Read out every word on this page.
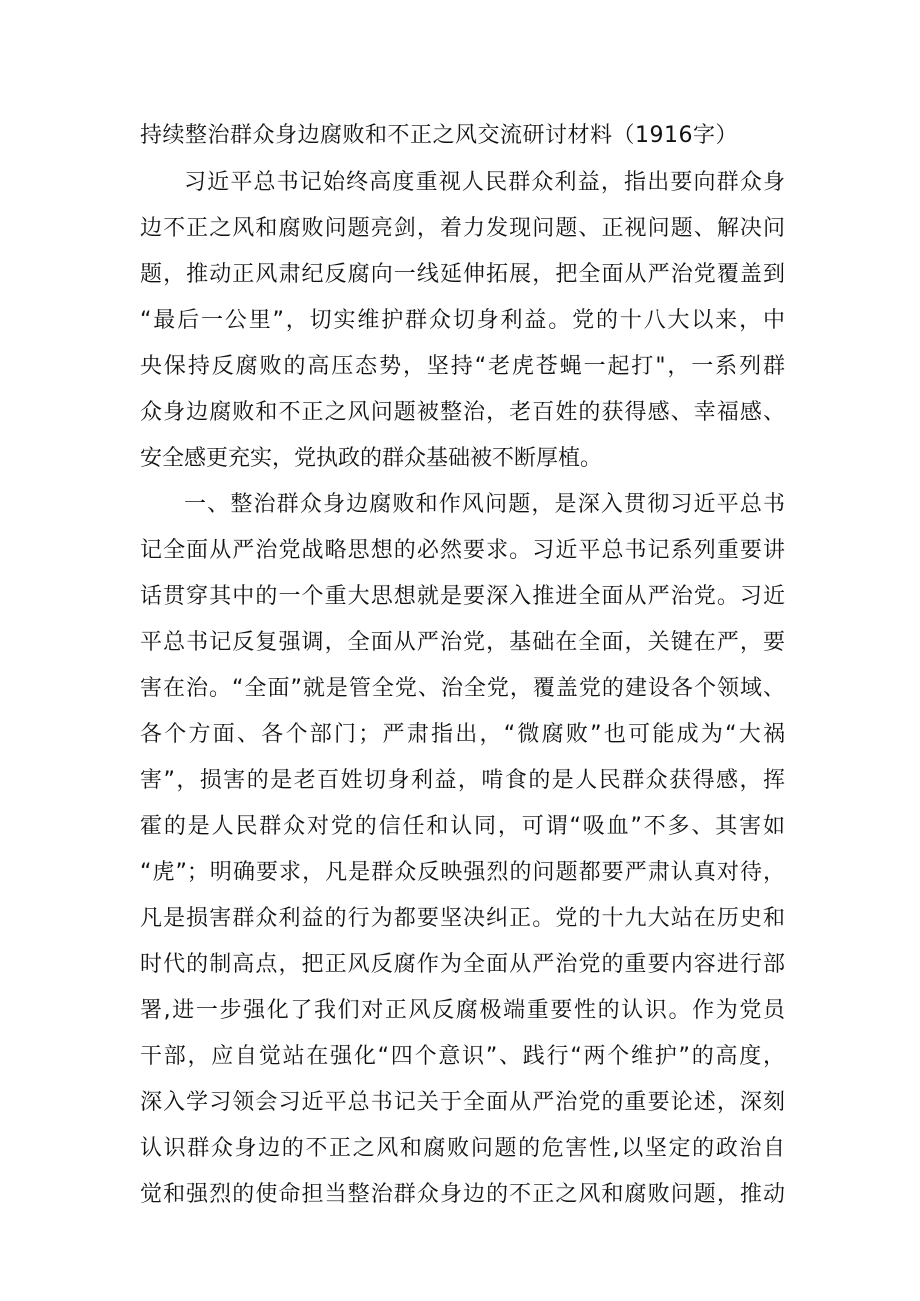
持续整治群众身边腐败和不正之风交流研讨材料（1916字）
习近平总书记始终高度重视人民群众利益，指出要向群众身
边不正之风和腐败问题亮剑，着力发现问题、正视问题、解决问
题，推动正风肃纪反腐向一线延伸拓展，把全面从严治党覆盖到
“最后一公里”，切实维护群众切身利益。党的十八大以来，中
央保持反腐败的高压态势，坚持“老虎苍蝇一起打"，一系列群
众身边腐败和不正之风问题被整治，老百姓的获得感、幸福感、
安全感更充实，党执政的群众基础被不断厚植。
一、整治群众身边腐败和作风问题，是深入贯彻习近平总书
记全面从严治党战略思想的必然要求。习近平总书记系列重要讲
话贯穿其中的一个重大思想就是要深入推进全面从严治党。习近
平总书记反复强调，全面从严治党，基础在全面，关键在严，要
害在治。“全面”就是管全党、治全党，覆盖党的建设各个领域、
各个方面、各个部门；严肃指出，“微腐败”也可能成为“大祸
害”，损害的是老百姓切身利益，啃食的是人民群众获得感，挥
霍的是人民群众对党的信任和认同，可谓“吸血”不多、其害如
“虎”；明确要求，凡是群众反映强烈的问题都要严肃认真对待，
凡是损害群众利益的行为都要坚决纠正。党的十九大站在历史和
时代的制高点，把正风反腐作为全面从严治党的重要内容进行部
署,进一步强化了我们对正风反腐极端重要性的认识。作为党员
干部，应自觉站在强化“四个意识”、践行“两个维护”的高度，
深入学习领会习近平总书记关于全面从严治党的重要论述，深刻
认识群众身边的不正之风和腐败问题的危害性,以坚定的政治自
觉和强烈的使命担当整治群众身边的不正之风和腐败问题，推动
